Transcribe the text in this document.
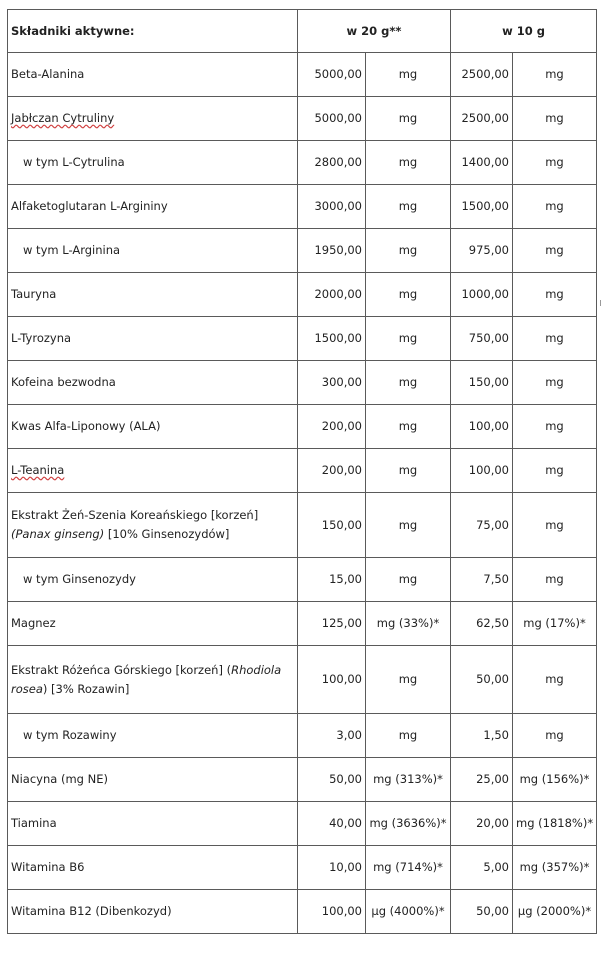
Składniki aktywne:	w 20 g**		w 10 g	
Beta-Alanina	5000,00	mg	2500,00	mg
Jabłczan Cytruliny	5000,00	mg	2500,00	mg
w tym L-Cytrulina	2800,00	mg	1400,00	mg
Alfaketoglutaran L-Argininy	3000,00	mg	1500,00	mg
w tym L-Arginina	1950,00	mg	975,00	mg
Tauryna	2000,00	mg	1000,00	mg
L-Tyrozyna	1500,00	mg	750,00	mg
Kofeina bezwodna	300,00	mg	150,00	mg
Kwas Alfa-Liponowy (ALA)	200,00	mg	100,00	mg
L-Teanina	200,00	mg	100,00	mg
Ekstrakt Żeń-Szenia Koreańskiego [korzeń]
(Panax ginseng) [10% Ginsenozydów]	150,00	mg	75,00	mg
w tym Ginsenozydy	15,00	mg	7,50	mg
Magnez	125,00	mg (33%)*	62,50	mg (17%)*
Ekstrakt Różeńca Górskiego [korzeń] (Rhodiola rosea) [3% Rozawin]	100,00	mg	50,00	mg
w tym Rozawiny	3,00	mg	1,50	mg
Niacyna (mg NE)	50,00	mg (313%)*	25,00	mg (156%)*
Tiamina	40,00	mg (3636%)*	20,00	mg (1818%)*
Witamina B6	10,00	mg (714%)*	5,00	mg (357%)*
Witamina B12 (Dibenkozyd)	100,00	µg (4000%)*	50,00	µg (2000%)*
